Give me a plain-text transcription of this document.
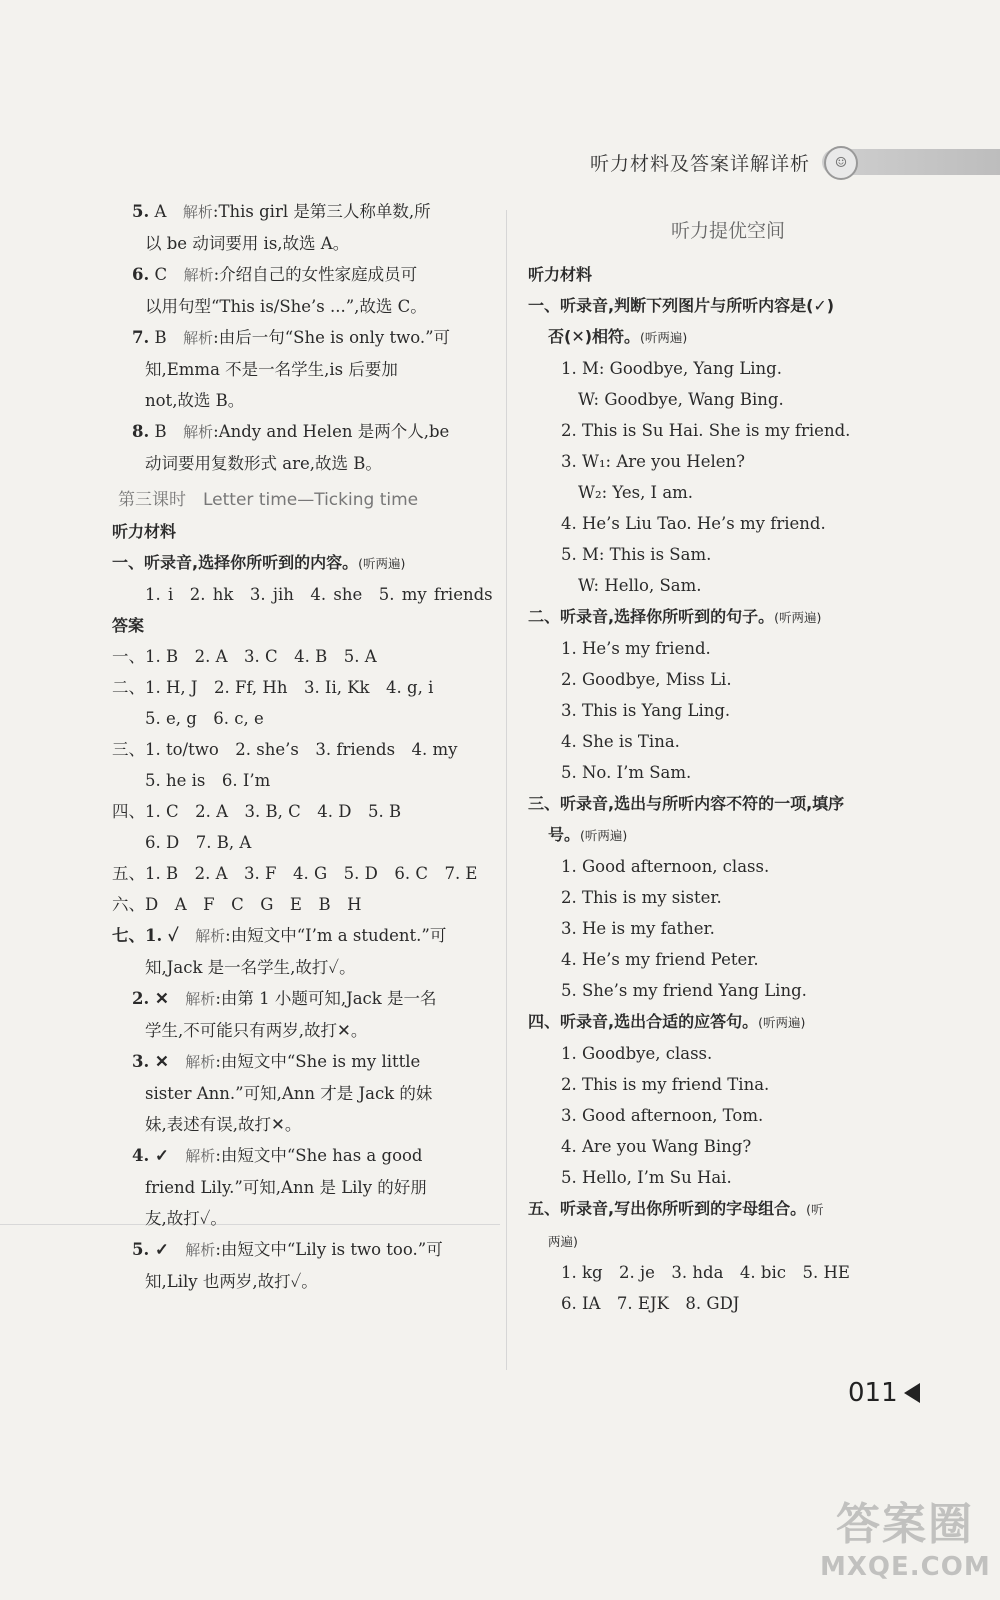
听力材料及答案详解详析	☺
5. A　 解析:This girl 是第三人称单数,所
以 be 动词要用 is,故选 A。
6. C　 解析:介绍自己的女性家庭成员可
以用句型“This is/She’s ...”,故选 C。
7. B　 解析:由后一句“She is only two.”可
知,Emma 不是一名学生,is 后要加
not,故选 B。
8. B　 解析:Andy and Helen 是两个人,be
动词要用复数形式 are,故选 B。
第三课时　Letter time—Ticking time
听力材料
一、听录音,选择你所听到的内容。(听两遍)
1. i　2. hk　3. jih　4. she　5. my friends
答案
一、1. B　2. A　3. C　4. B　5. A
二、1. H, J　2. Ff, Hh　3. Ii, Kk　4. g, i
　　5. e, g　6. c, e
三、1. to/two　2. she’s　3. friends　4. my
　　5. he is　6. I’m
四、1. C　2. A　3. B, C　4. D　5. B
　　6. D　7. B, A
五、1. B　2. A　3. F　4. G　5. D　6. C　7. E
六、D　A　F　C　G　E　B　H
七、1. ✓　 解析:由短文中“I’m a student.”可
知,Jack 是一名学生,故打✓。
2. ✕　 解析:由第 1 小题可知,Jack 是一名
学生,不可能只有两岁,故打✕。
3. ✕　 解析:由短文中“She is my little
sister Ann.”可知,Ann 才是 Jack 的妹
妹,表述有误,故打✕。
4. ✓　 解析:由短文中“She has a good
friend Lily.”可知,Ann 是 Lily 的好朋
友,故打✓。
5. ✓　 解析:由短文中“Lily is two too.”可
知,Lily 也两岁,故打✓。
听力提优空间
听力材料
一、听录音,判断下列图片与所听内容是(✓)
否(✕)相符。(听两遍)
1. M: Goodbye, Yang Ling.
W: Goodbye, Wang Bing.
2. This is Su Hai. She is my friend.
3. W₁: Are you Helen?
W₂: Yes, I am.
4. He’s Liu Tao. He’s my friend.
5. M: This is Sam.
W: Hello, Sam.
二、听录音,选择你所听到的句子。(听两遍)
1. He’s my friend.
2. Goodbye, Miss Li.
3. This is Yang Ling.
4. She is Tina.
5. No. I’m Sam.
三、听录音,选出与所听内容不符的一项,填序
号。(听两遍)
1. Good afternoon, class.
2. This is my sister.
3. He is my father.
4. He’s my friend Peter.
5. She’s my friend Yang Ling.
四、听录音,选出合适的应答句。(听两遍)
1. Goodbye, class.
2. This is my friend Tina.
3. Good afternoon, Tom.
4. Are you Wang Bing?
5. Hello, I’m Su Hai.
五、听录音,写出你所听到的字母组合。(听
两遍)
1. kg　2. je　3. hda　4. bic　5. HE
6. IA　7. EJK　8. GDJ
011
答案圈
MXQE.COM
